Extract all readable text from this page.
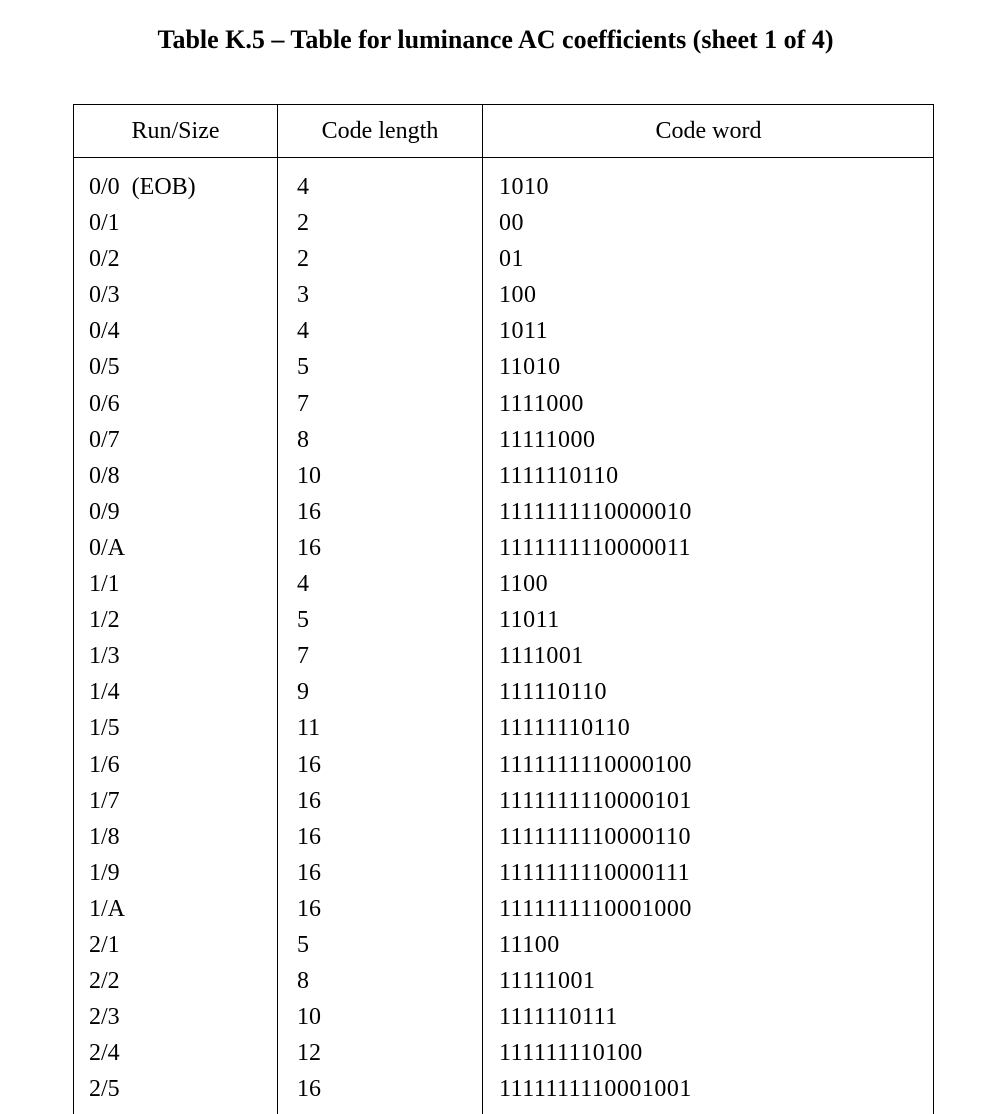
Table K.5 – Table for luminance AC coefficients (sheet 1 of 4)
Run/Size	Code length	Code word
0/0  (EOB)	4	1010
0/1	2	00
0/2	2	01
0/3	3	100
0/4	4	1011
0/5	5	11010
0/6	7	1111000
0/7	8	11111000
0/8	10	1111110110
0/9	16	1111111110000010
0/A	16	1111111110000011
1/1	4	1100
1/2	5	11011
1/3	7	1111001
1/4	9	111110110
1/5	11	11111110110
1/6	16	1111111110000100
1/7	16	1111111110000101
1/8	16	1111111110000110
1/9	16	1111111110000111
1/A	16	1111111110001000
2/1	5	11100
2/2	8	11111001
2/3	10	1111110111
2/4	12	111111110100
2/5	16	1111111110001001
